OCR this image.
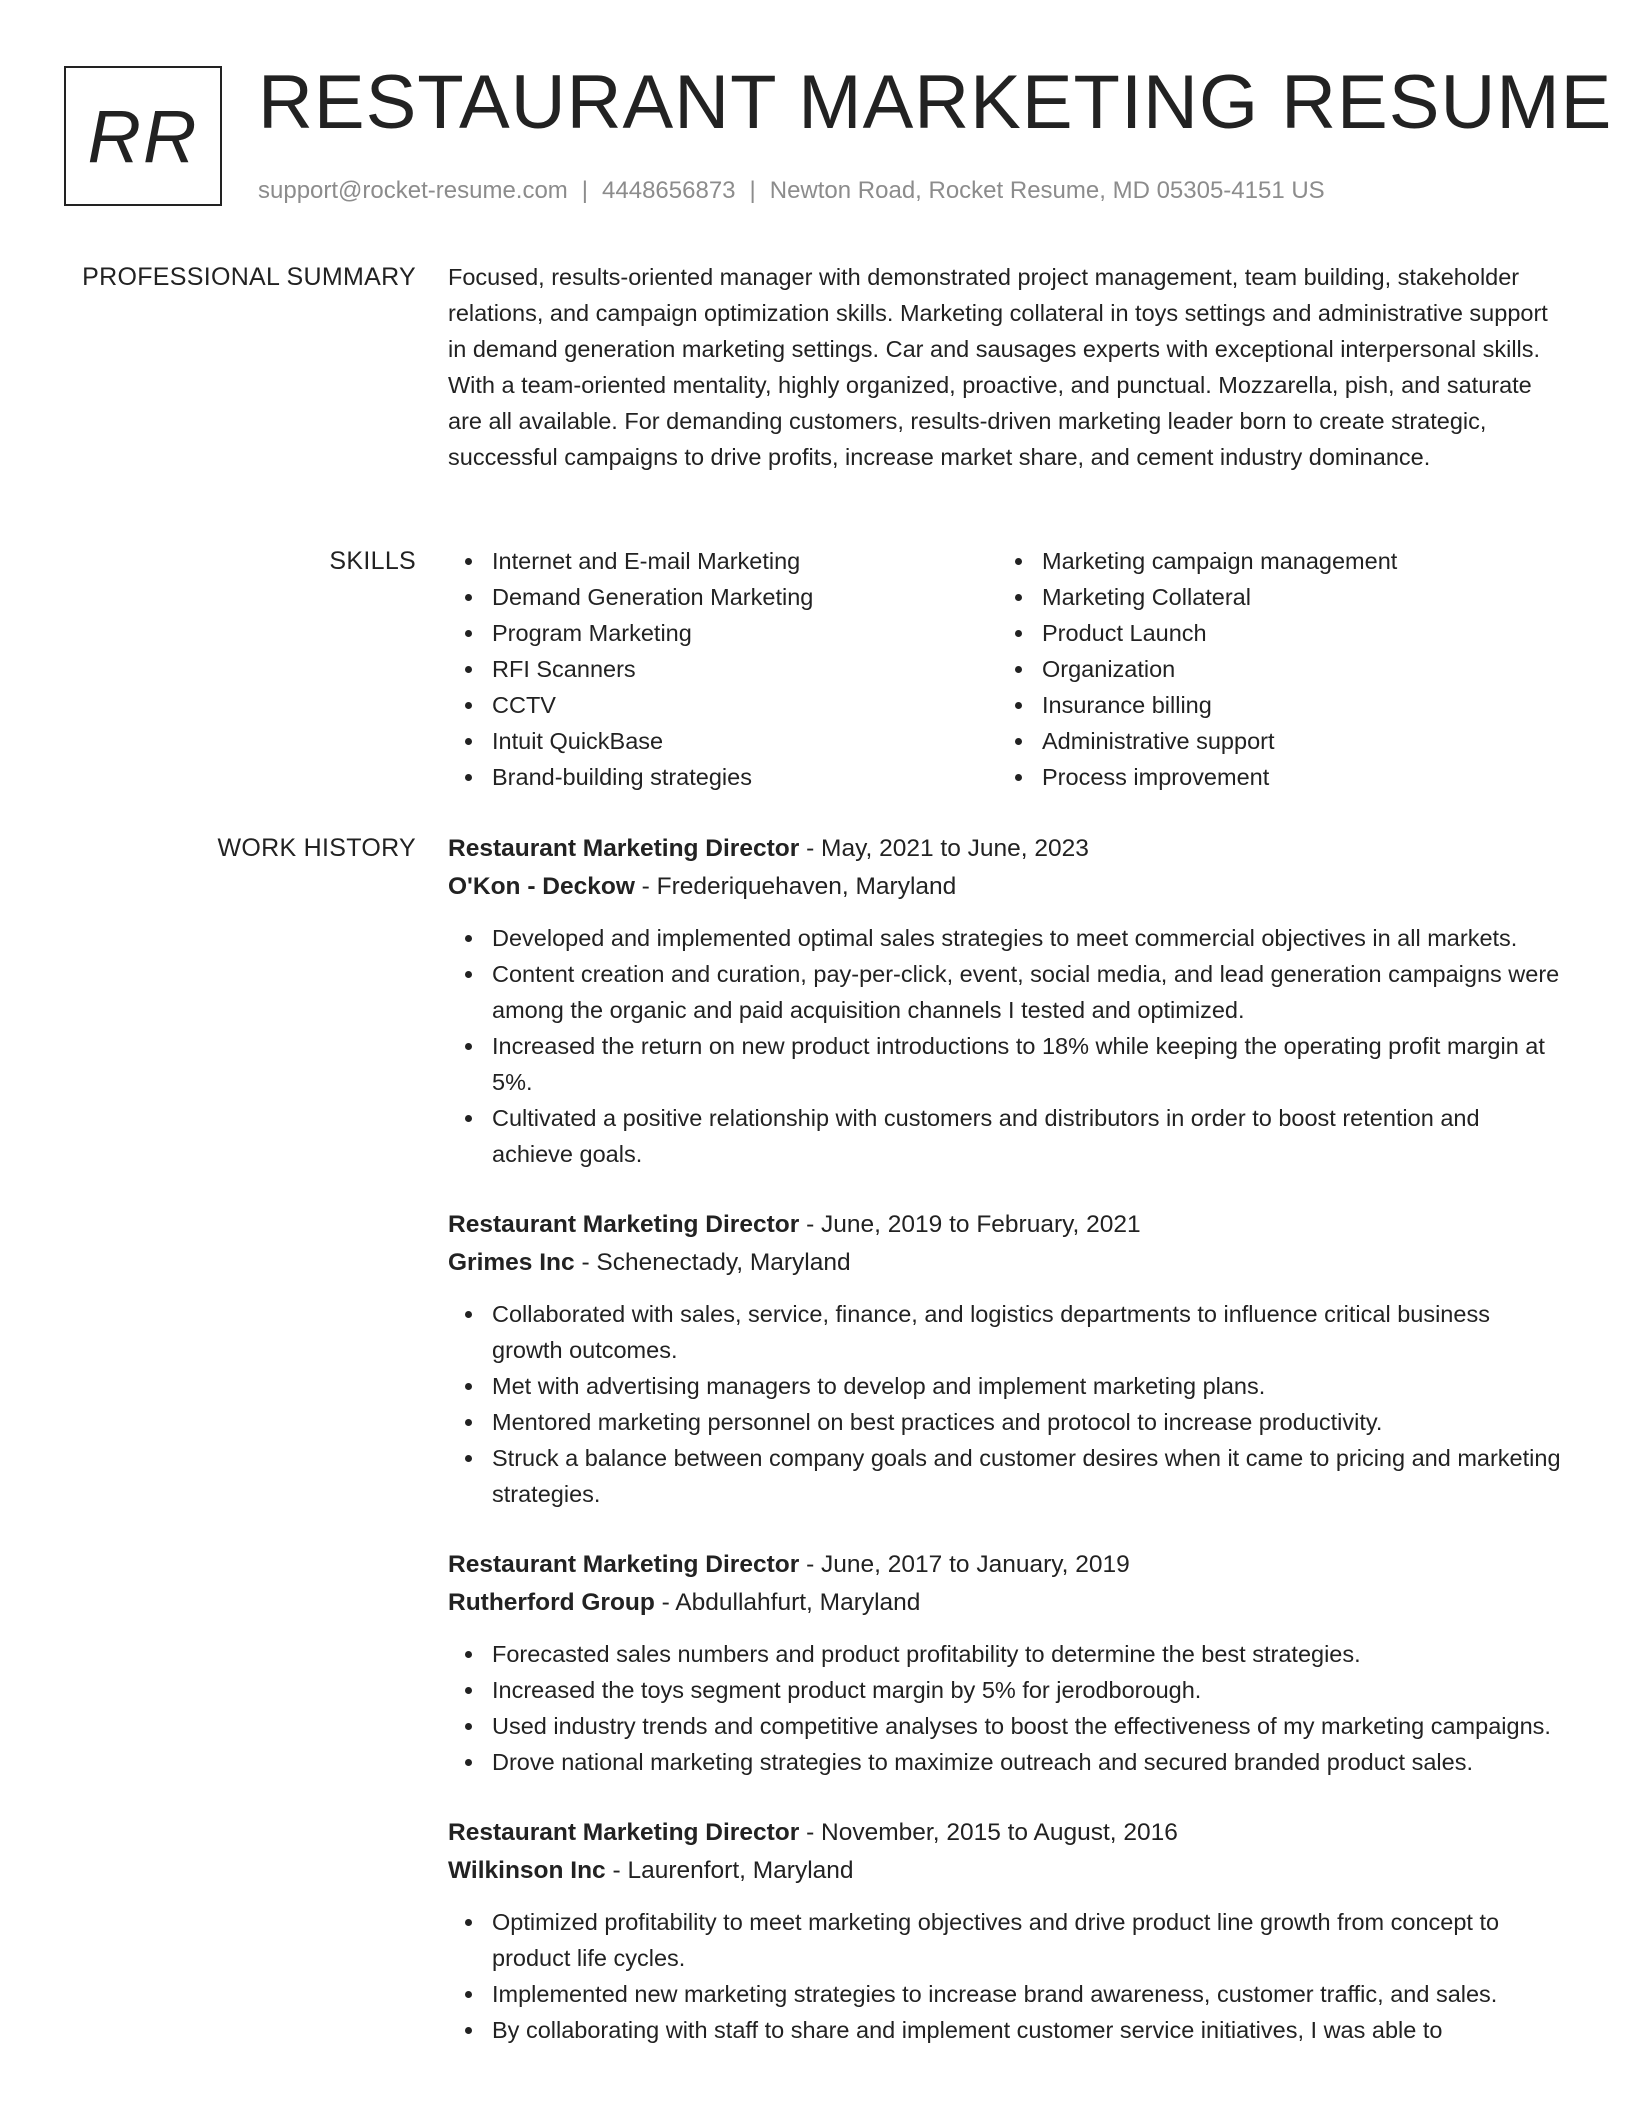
RR RESTAURANT MARKETING RESUME
support@rocket-resume.com | 4448656873 | Newton Road, Rocket Resume, MD 05305-4151 US
PROFESSIONAL SUMMARY Focused, results-oriented manager with demonstrated project management, team building, stakeholder relations, and campaign optimization skills. Marketing collateral in toys settings and administrative support in demand generation marketing settings. Car and sausages experts with exceptional interpersonal skills. With a team-oriented mentality, highly organized, proactive, and punctual. Mozzarella, pish, and saturate are all available. For demanding customers, results-driven marketing leader born to create strategic, successful campaigns to drive profits, increase market share, and cement industry dominance.

SKILLS	Internet and E-mail Marketing
Demand Generation Marketing
Program Marketing
RFI Scanners
CCTV
Intuit QuickBase
Brand-building strategies
Marketing campaign management
Marketing Collateral
Product Launch
Organization
Insurance billing
Administrative support
Process improvement
WORK HISTORY Restaurant Marketing Director - May, 2021 to June, 2023
O'Kon - Deckow - Frederiquehaven, Maryland
Developed and implemented optimal sales strategies to meet commercial objectives in all markets.
Content creation and curation, pay-per-click, event, social media, and lead generation campaigns were among the organic and paid acquisition channels I tested and optimized.
Increased the return on new product introductions to 18% while keeping the operating profit margin at 5%.
Cultivated a positive relationship with customers and distributors in order to boost retention and achieve goals.
Restaurant Marketing Director - June, 2019 to February, 2021
Grimes Inc - Schenectady, Maryland
Collaborated with sales, service, finance, and logistics departments to influence critical business growth outcomes.
Met with advertising managers to develop and implement marketing plans.
Mentored marketing personnel on best practices and protocol to increase productivity.
Struck a balance between company goals and customer desires when it came to pricing and marketing strategies.
Restaurant Marketing Director - June, 2017 to January, 2019
Rutherford Group - Abdullahfurt, Maryland
Forecasted sales numbers and product profitability to determine the best strategies.
Increased the toys segment product margin by 5% for jerodborough.
Used industry trends and competitive analyses to boost the effectiveness of my marketing campaigns.
Drove national marketing strategies to maximize outreach and secured branded product sales.
Restaurant Marketing Director - November, 2015 to August, 2016
Wilkinson Inc - Laurenfort, Maryland
Optimized profitability to meet marketing objectives and drive product line growth from concept to product life cycles.
Implemented new marketing strategies to increase brand awareness, customer traffic, and sales.
By collaborating with staff to share and implement customer service initiatives, I was able to
